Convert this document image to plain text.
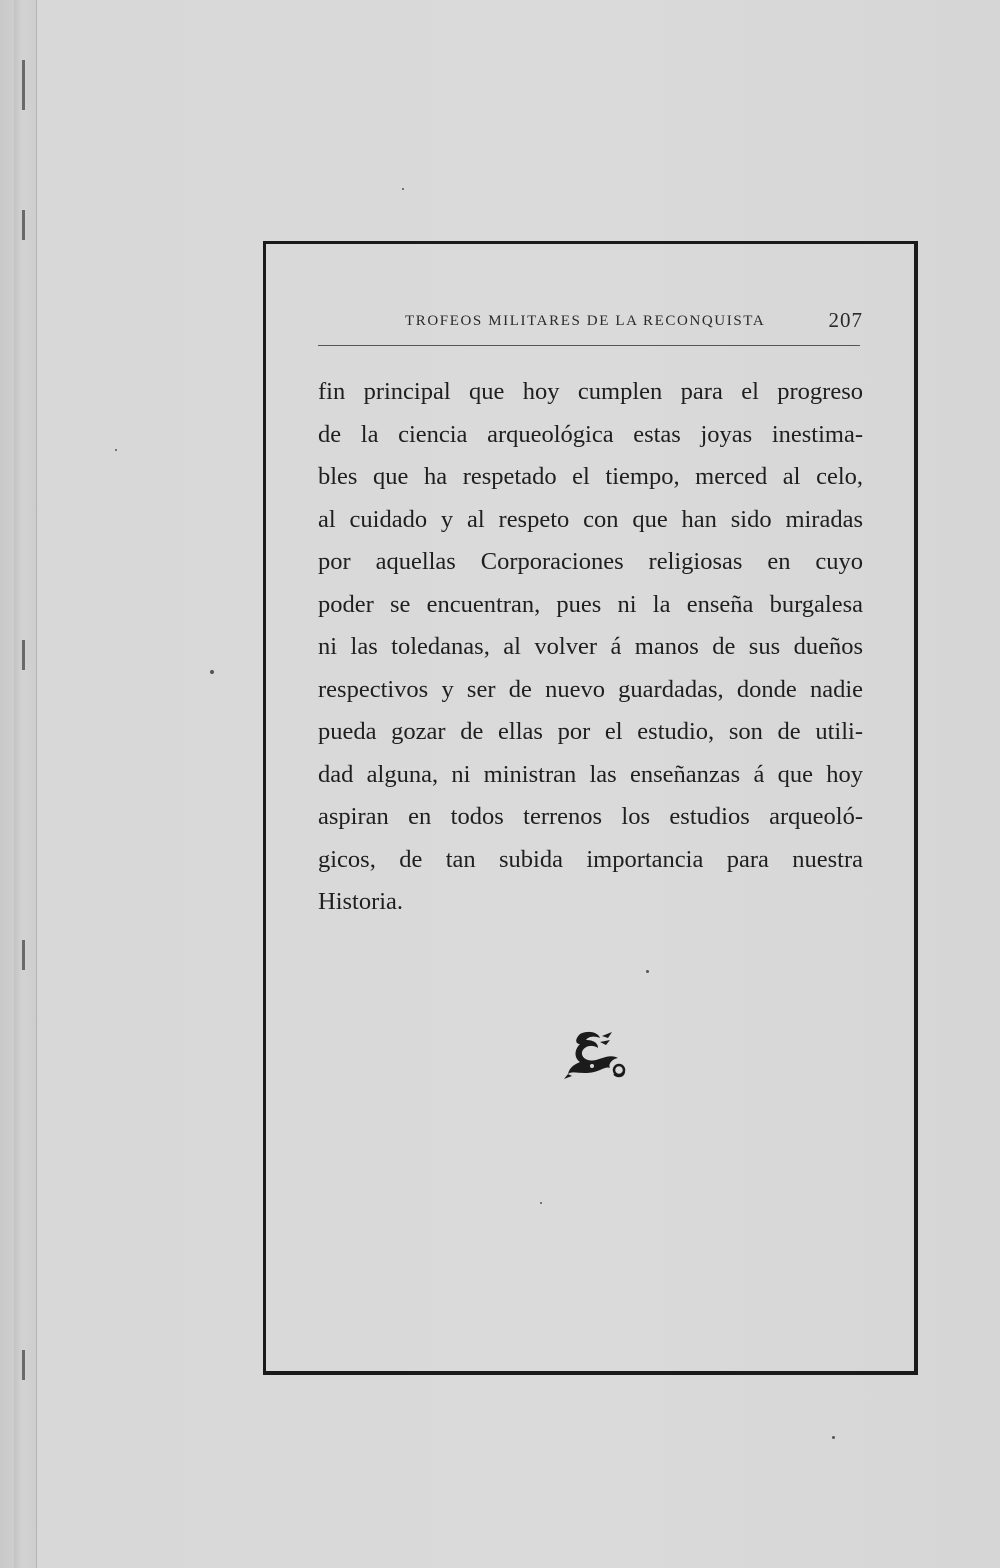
TROFEOS MILITARES DE LA RECONQUISTA	207
fin principal que hoy cumplen para el progreso
de la ciencia arqueológica estas joyas inestima-
bles que ha respetado el tiempo, merced al celo,
al cuidado y al respeto con que han sido miradas
por aquellas Corporaciones religiosas en cuyo
poder se encuentran, pues ni la enseña burgalesa
ni las toledanas, al volver á manos de sus dueños
respectivos y ser de nuevo guardadas, donde nadie
pueda gozar de ellas por el estudio, son de utili-
dad alguna, ni ministran las enseñanzas á que hoy
aspiran en todos terrenos los estudios arqueoló-
gicos, de tan subida importancia para nuestra
Historia.
